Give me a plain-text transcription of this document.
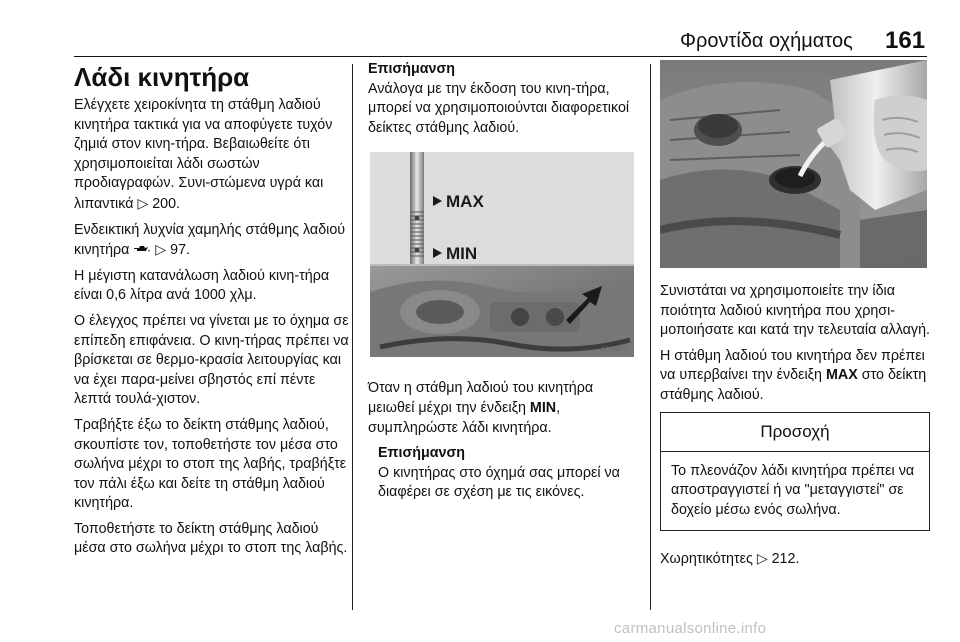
Φροντίδα οχήματος 161
Λάδι κινητήρα

Ελέγχετε χειροκίνητα τη στάθμη λαδιού κινητήρα τακτικά για να αποφύγετε τυχόν ζημιά στον κινη-τήρα. Βεβαιωθείτε ότι χρησιμοποιείται λάδι σωστών προδιαγραφών. Συνι-στώμενα υγρά και λιπαντικά ▷ 200.

Ενδεικτική λυχνία χαμηλής στάθμης λαδιού κινητήρα ▷ 97.

Η μέγιστη κατανάλωση λαδιού κινη-τήρα είναι 0,6 λίτρα ανά 1000 χλμ.

Ο έλεγχος πρέπει να γίνεται με το όχημα σε επίπεδη επιφάνεια. Ο κινη-τήρας πρέπει να βρίσκεται σε θερμο-κρασία λειτουργίας και να έχει παρα-μείνει σβηστός επί πέντε λεπτά τουλά-χιστον.

Τραβήξτε έξω το δείκτη στάθμης λαδιού, σκουπίστε τον, τοποθετήστε τον μέσα στο σωλήνα μέχρι το στοπ της λαβής, τραβήξτε τον πάλι έξω και δείτε τη στάθμη λαδιού κινητήρα.

Τοποθετήστε το δείκτη στάθμης λαδιού μέσα στο σωλήνα μέχρι το στοπ της λαβής.

Επισήμανση

Ανάλογα με την έκδοση του κινη-τήρα, μπορεί να χρησιμοποιούνται διαφορετικοί δείκτες στάθμης λαδιού.

MAX
MIN
17 007 T

Όταν η στάθμη λαδιού του κινητήρα μειωθεί μέχρι την ένδειξη MIN, συμπληρώστε λάδι κινητήρα.

Επισήμανση

Ο κινητήρας στο όχημά σας μπορεί να διαφέρει σε σχέση με τις εικόνες.

17 008 T

Συνιστάται να χρησιμοποιείτε την ίδια ποιότητα λαδιού κινητήρα που χρησι-μοποιήσατε και κατά την τελευταία αλλαγή.

Η στάθμη λαδιού του κινητήρα δεν πρέπει να υπερβαίνει την ένδειξη MAX στο δείκτη στάθμης λαδιού.

Προσοχή

Το πλεονάζον λάδι κινητήρα πρέπει να αποστραγγιστεί ή να "μεταγγιστεί" σε δοχείο μέσω ενός σωλήνα.

Χωρητικότητες ▷ 212.

carmanualsonline.info
